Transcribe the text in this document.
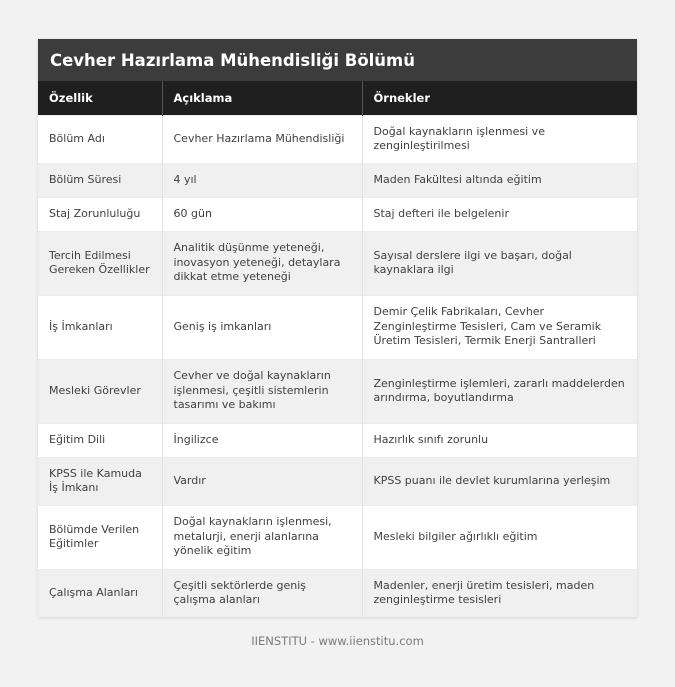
Cevher Hazırlama Mühendisliği Bölümü
Özellik	Açıklama	Örnekler
Bölüm Adı	Cevher Hazırlama Mühendisliği	Doğal kaynakların işlenmesi ve zenginleştirilmesi
Bölüm Süresi	4 yıl	Maden Fakültesi altında eğitim
Staj Zorunluluğu	60 gün	Staj defteri ile belgelenir
Tercih Edilmesi Gereken Özellikler	Analitik düşünme yeteneği, inovasyon yeteneği, detaylara dikkat etme yeteneği	Sayısal derslere ilgi ve başarı, doğal kaynaklara ilgi
İş İmkanları	Geniş iş imkanları	Demir Çelik Fabrikaları, Cevher Zenginleştirme Tesisleri, Cam ve Seramik Üretim Tesisleri, Termik Enerji Santralleri
Mesleki Görevler	Cevher ve doğal kaynakların işlenmesi, çeşitli sistemlerin tasarımı ve bakımı	Zenginleştirme işlemleri, zararlı maddelerden arındırma, boyutlandırma
Eğitim Dili	İngilizce	Hazırlık sınıfı zorunlu
KPSS ile Kamuda İş İmkanı	Vardır	KPSS puanı ile devlet kurumlarına yerleşim
Bölümde Verilen Eğitimler	Doğal kaynakların işlenmesi, metalurji, enerji alanlarına yönelik eğitim	Mesleki bilgiler ağırlıklı eğitim
Çalışma Alanları	Çeşitli sektörlerde geniş çalışma alanları	Madenler, enerji üretim tesisleri, maden zenginleştirme tesisleri
IIENSTITU - www.iienstitu.com
